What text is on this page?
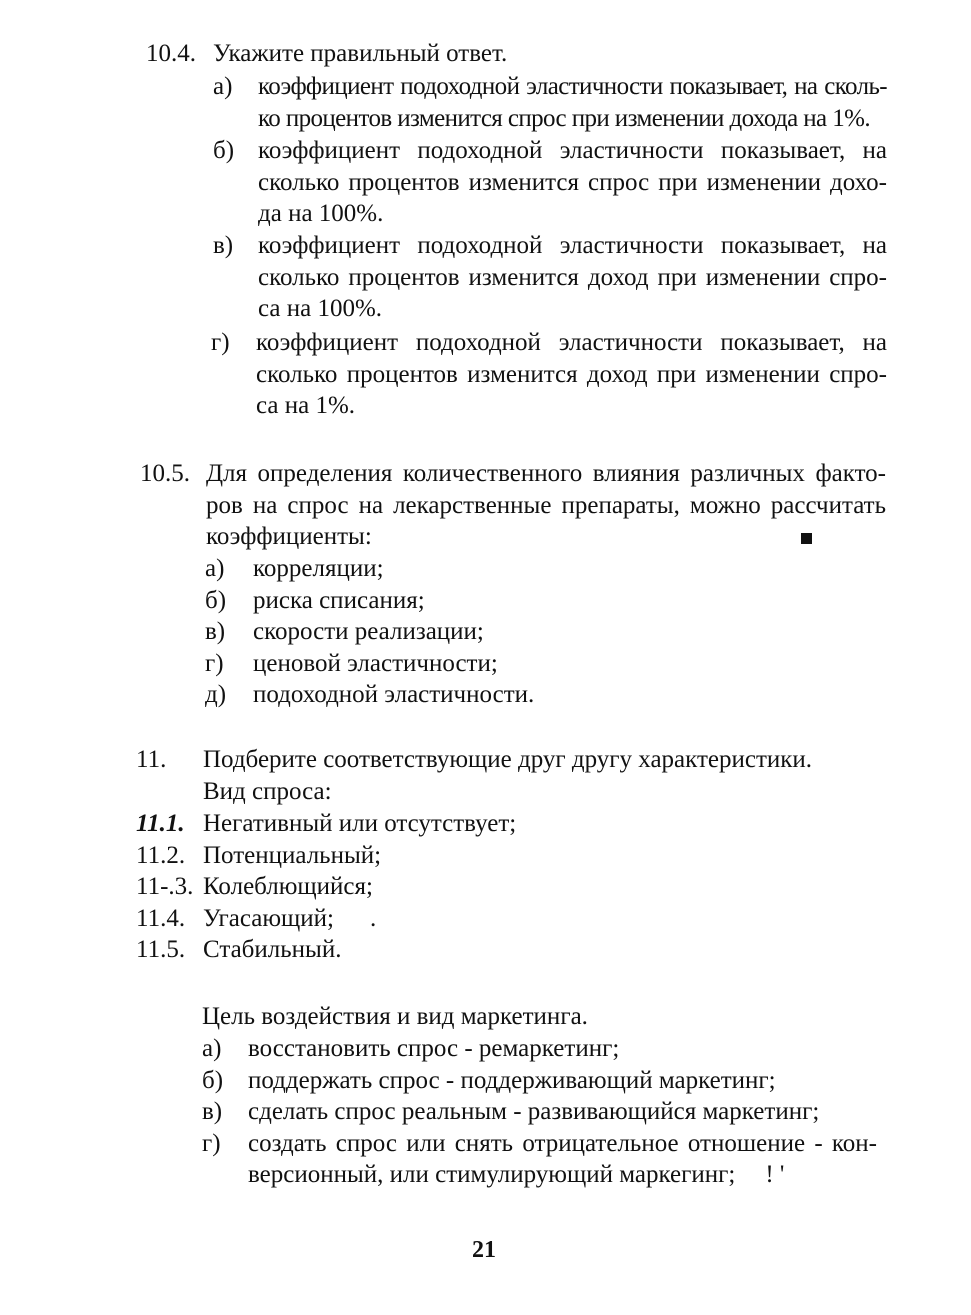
10.4. Укажите правильный ответ.
а)	коэффициент подоходной эластичности показывает, на сколь-
ко процентов изменится спрос при изменении дохода на 1%.
б) коэффициент подоходной эластичности показывает, на
сколько процентов изменится спрос при изменении дохо-
да на 100%.
в) коэффициент подоходной эластичности показывает, на
сколько процентов изменится доход при изменении спро-
са на 100%.
г)	коэффициент подоходной эластичности показывает, на
сколько процентов изменится доход при изменении спро-
са на 1%.
10.5. Для определения количественного влияния различных факто-
ров на спрос на лекарственные препараты, можно рассчитать
коэффициенты:
а)	корреляции;
б)	риска списания;
в)	скорости реализации;
г)	ценовой эластичности;
д)	подоходной эластичности.
11.	Подберите соответствующие друг другу характеристики.
Вид спроса:
11.1. Негативный или отсутствует;
11.2. Потенциальный;
11-.3. Колеблющийся;
11.4. Угасающий; .
11.5. Стабильный.
Цель воздействия и вид маркетинга.
а)	восстановить спрос - ремаркетинг;
б) поддержать спрос - поддерживающий маркетинг;
в)	сделать спрос реальным - развивающийся маркетинг;
г)	создать спрос или снять отрицательное отношение - кон-
версионный, или стимулирующий маркегинг; ! '
21
